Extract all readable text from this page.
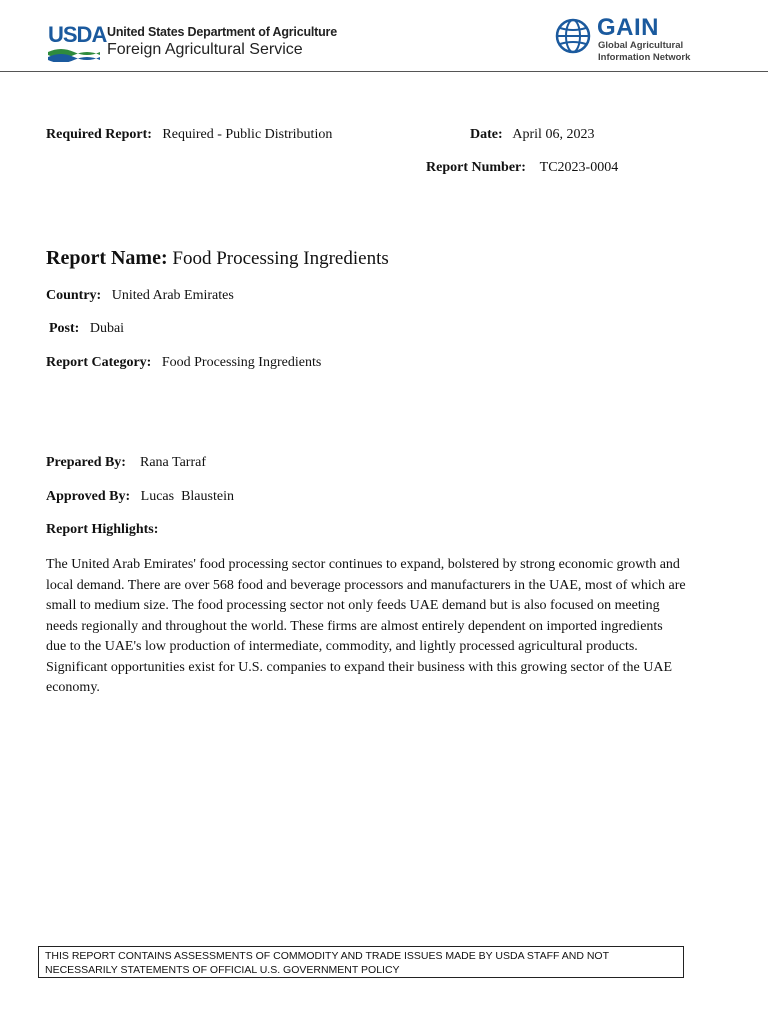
USDA United States Department of Agriculture
Foreign Agricultural Service
GAIN
Global Agricultural
Information Network
Required Report: Required - Public Distribution	Date: April 06, 2023
Report Number: TC2023-0004
Report Name: Food Processing Ingredients
Country: United Arab Emirates
Post: Dubai
Report Category: Food Processing Ingredients
Prepared By: Rana Tarraf
Approved By: Lucas  Blaustein
Report Highlights:
The United Arab Emirates' food processing sector continues to expand, bolstered by strong economic growth and local demand. There are over 568 food and beverage processors and manufacturers in the UAE, most of which are small to medium size. The food processing sector not only feeds UAE demand but is also focused on meeting needs regionally and throughout the world. These firms are almost entirely dependent on imported ingredients due to the UAE's low production of intermediate, commodity, and lightly processed agricultural products. Significant opportunities exist for U.S. companies to expand their business with this growing sector of the UAE economy.
THIS REPORT CONTAINS ASSESSMENTS OF COMMODITY AND TRADE ISSUES MADE BY USDA STAFF AND NOT NECESSARILY STATEMENTS OF OFFICIAL U.S. GOVERNMENT POLICY
